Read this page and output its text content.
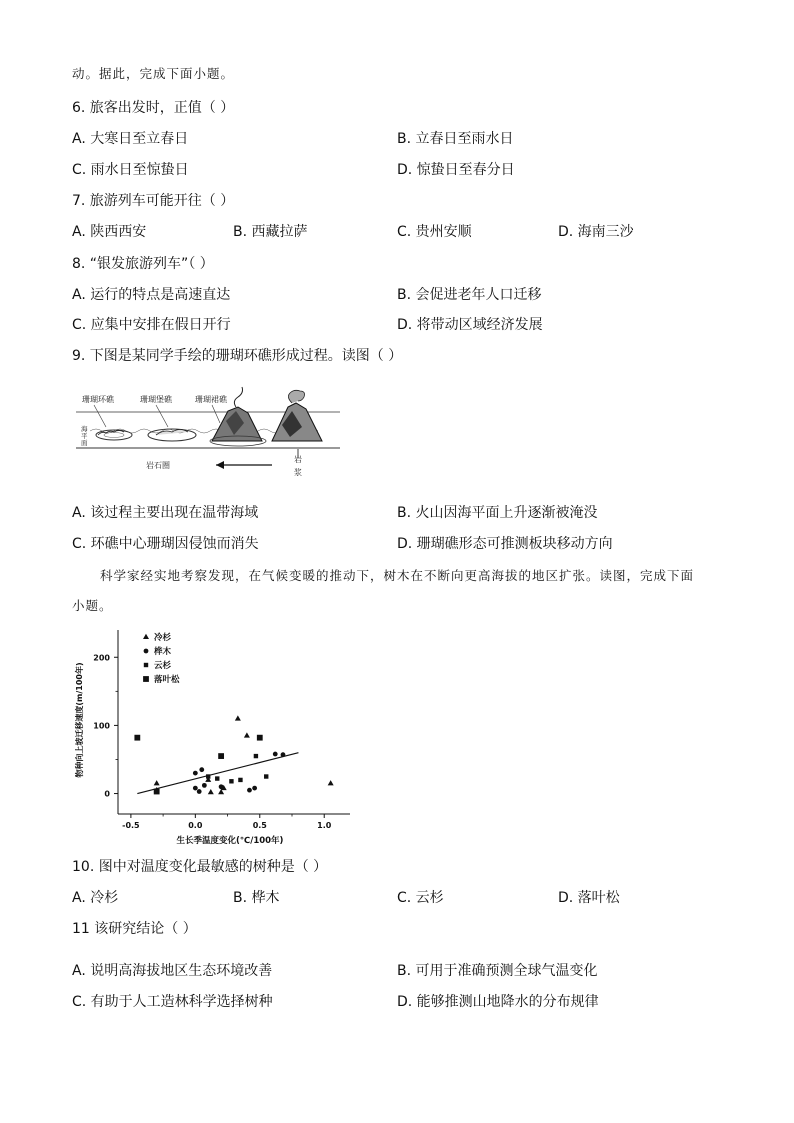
动。据此，完成下面小题。
6. 旅客出发时，正值（ ）
A. 大寒日至立春日	B. 立春日至雨水日
C. 雨水日至惊蛰日	D. 惊蛰日至春分日
7. 旅游列车可能开往（ ）
A. 陕西西安	B. 西藏拉萨	C. 贵州安顺	D. 海南三沙
8. “银发旅游列车”（ ）
A. 运行的特点是高速直达	B. 会促进老年人口迁移
C. 应集中安排在假日开行	D. 将带动区域经济发展
9. 下图是某同学手绘的珊瑚环礁形成过程。读图（ ）
珊瑚环礁	珊瑚堡礁	珊瑚裙礁
海
平
面
岩石圈
岩
浆
A. 该过程主要出现在温带海域	B. 火山因海平面上升逐渐被淹没
C. 环礁中心珊瑚因侵蚀而消失	D. 珊瑚礁形态可推测板块移动方向
科学家经实地考察发现，在气候变暖的推动下，树木在不断向更高海拔的地区扩张。读图，完成下面
小题。
-0.5	0.0	0.5	1.0
0
100
200
冷杉
桦木
云杉
落叶松
生长季温度变化(℃/100年)
物种向上坡迁移速度(m/100年)
10. 图中对温度变化最敏感的树种是（ ）
A. 冷杉	B. 桦木	C. 云杉	D. 落叶松
11 该研究结论（ ）
A. 说明高海拔地区生态环境改善	B. 可用于准确预测全球气温变化
C. 有助于人工造林科学选择树种	D. 能够推测山地降水的分布规律
